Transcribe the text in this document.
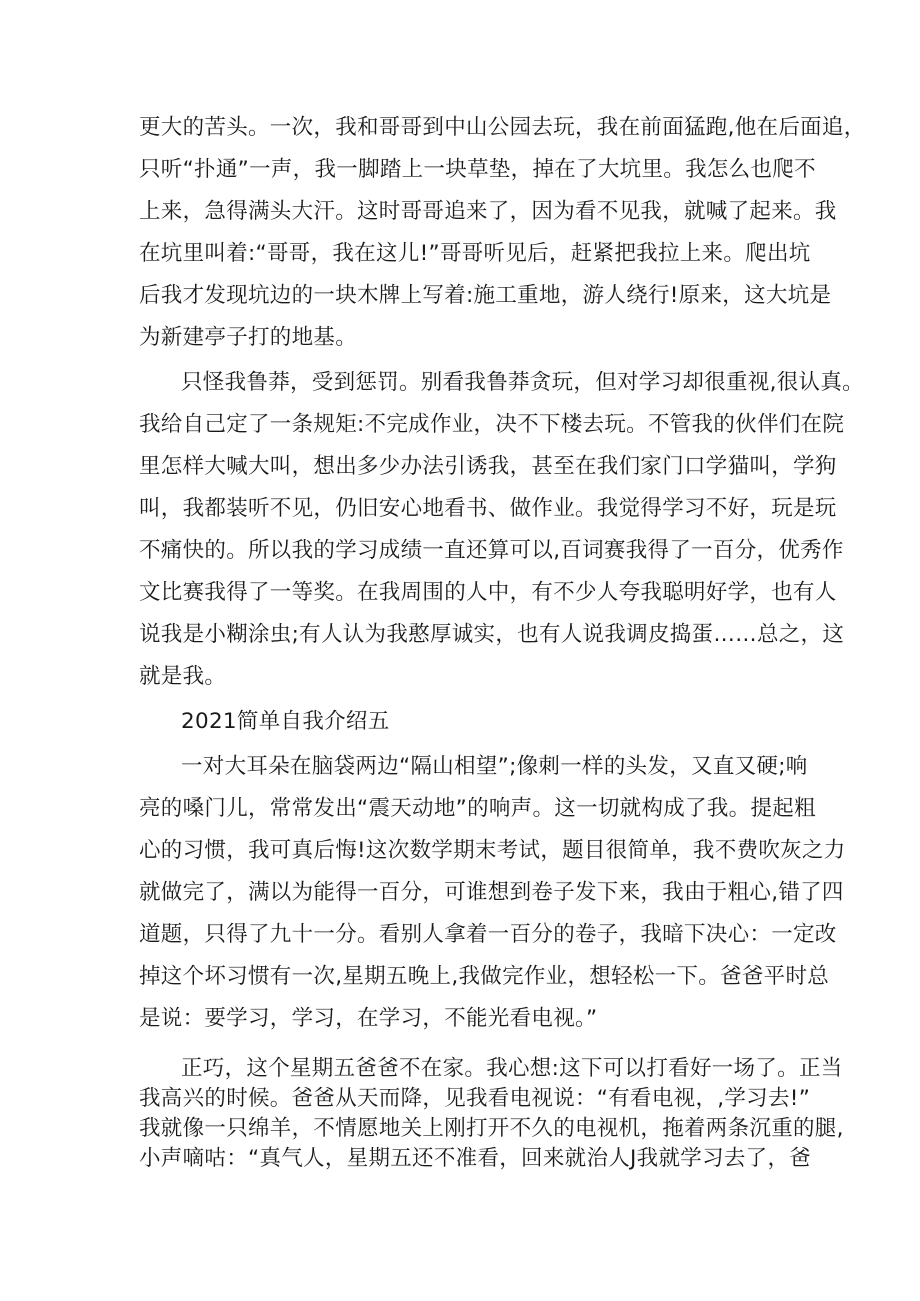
更大的苦头。一次，我和哥哥到中山公园去玩，我在前面猛跑,他在后面追，
只听“扑通”一声，我一脚踏上一块草垫，掉在了大坑里。我怎么也爬不
上来，急得满头大汗。这时哥哥追来了，因为看不见我，就喊了起来。我
在坑里叫着:“哥哥，我在这儿!”哥哥听见后，赶紧把我拉上来。爬出坑
后我才发现坑边的一块木牌上写着:施工重地，游人绕行!原来，这大坑是
为新建亭子打的地基。
只怪我鲁莽，受到惩罚。别看我鲁莽贪玩，但对学习却很重视,很认真。
我给自己定了一条规矩:不完成作业，决不下楼去玩。不管我的伙伴们在院
里怎样大喊大叫，想出多少办法引诱我，甚至在我们家门口学猫叫，学狗
叫，我都装听不见，仍旧安心地看书、做作业。我觉得学习不好，玩是玩
不痛快的。所以我的学习成绩一直还算可以,百词赛我得了一百分，优秀作
文比赛我得了一等奖。在我周围的人中，有不少人夸我聪明好学，也有人
说我是小糊涂虫;有人认为我憨厚诚实，也有人说我调皮捣蛋……总之，这
就是我。
2021简单自我介绍五
一对大耳朵在脑袋两边“隔山相望”;像刺一样的头发，又直又硬;响
亮的嗓门儿，常常发出“震天动地”的响声。这一切就构成了我。提起粗
心的习惯，我可真后悔!这次数学期末考试，题目很简单，我不费吹灰之力
就做完了，满以为能得一百分，可谁想到卷子发下来，我由于粗心,错了四
道题，只得了九十一分。看别人拿着一百分的卷子，我暗下决心：一定改
掉这个坏习惯有一次,星期五晚上,我做完作业，想轻松一下。爸爸平时总
是说：要学习，学习，在学习，不能光看电视。”
正巧，这个星期五爸爸不在家。我心想:这下可以打看好一场了。正当
我高兴的时候。爸爸从天而降，见我看电视说：“有看电视，,学习去!”
我就像一只绵羊，不情愿地关上刚打开不久的电视机，拖着两条沉重的腿,
小声嘀咕：“真气人，星期五还不准看，回来就治人J我就学习去了，爸
